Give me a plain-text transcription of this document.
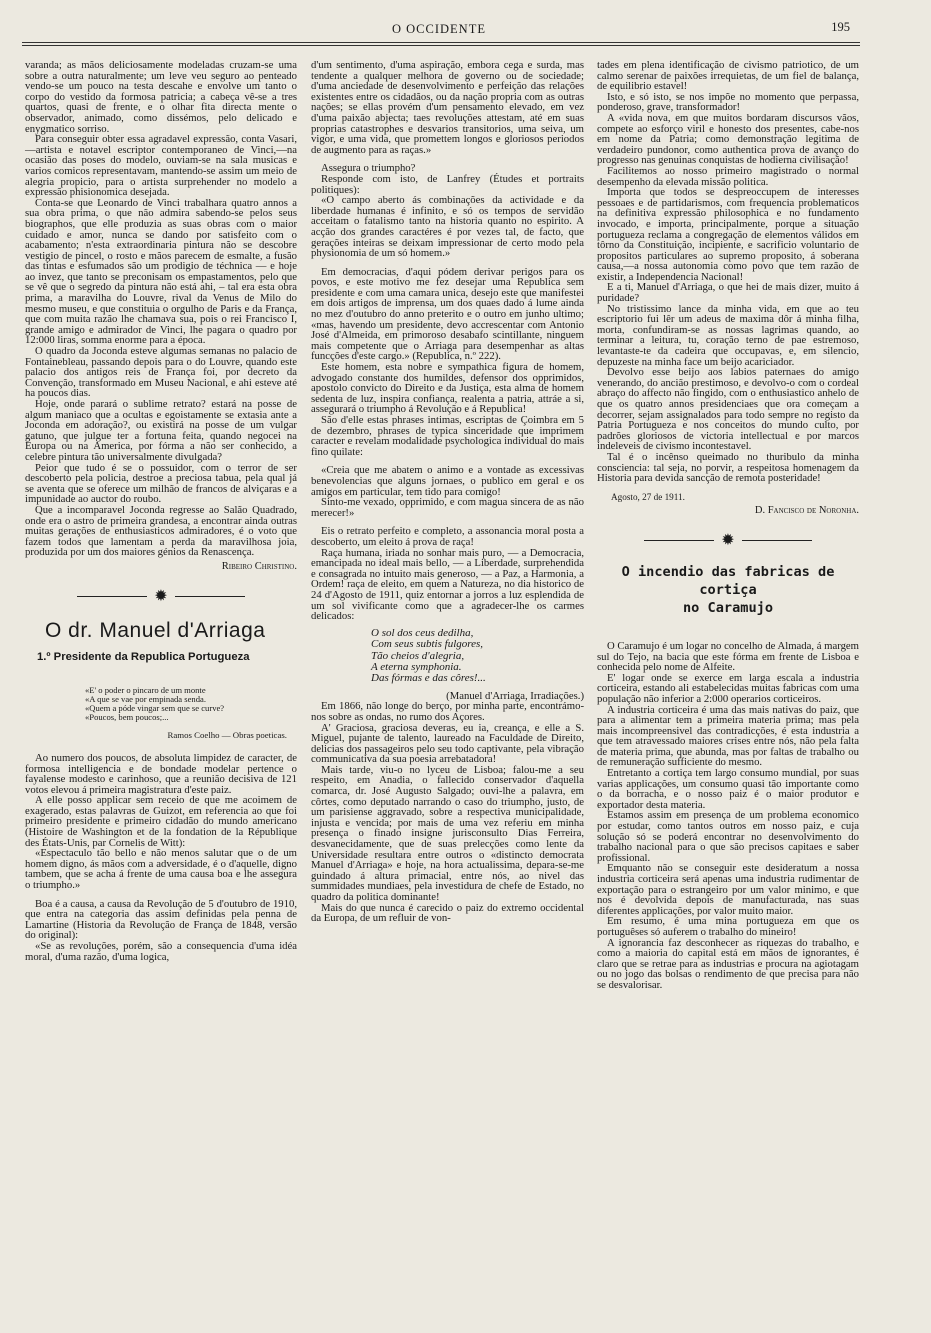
O OCCIDENTE	195

varanda; as mãos deliciosamente modeladas cruzam-se uma sobre a outra naturalmente; um leve veu seguro ao penteado vendo-se um pouco na testa descahe e envolve um tanto o corpo do vestido da formosa patricia; a cabeça vê-se a tres quartos, quasi de frente, e o olhar fita directa mente o observador, animado, como dissémos, pelo delicado e enygmatico sorriso.

Para conseguir obter essa agradavel expressão, conta Vasari,—artista e notavel escriptor contemporaneo de Vinci,—na ocasião das poses do modelo, ouviam-se na sala musicas e varios comicos representavam, mantendo-se assim um meio de alegria propicio, para o artista surprehender no modelo a expressão phisionomica desejada.

Conta-se que Leonardo de Vinci trabalhara quatro annos a sua obra prima, o que não admira sabendo-se pelos seus biographos, que elle produzia as suas obras com o maior cuidado e amor, nunca se dando por satisfeito com o acabamento; n'esta extraordinaria pintura não se descobre vestigio de pincel, o rosto e mãos parecem de esmalte, a fusão das tintas e esfumados são um prodigio de téchnica — e hoje ao invez, que tanto se preconisam os empastamentos, pelo que se vê que o segredo da pintura não está ahi, – tal era esta obra prima, a maravilha do Louvre, rival da Venus de Milo do mesmo museu, e que constituia o orgulho de Paris e da França, que com muita razão lhe chamava sua, pois o rei Francisco I, grande amigo e admirador de Vinci, lhe pagara o quadro por 12:000 liras, somma enorme para a época.

O quadro da Joconda esteve algumas semanas no palacio de Fontainebleau, passando depois para o do Louvre, quando este palacio dos antigos reis de França foi, por decreto da Convenção, transformado em Museu Nacional, e ahi esteve até ha poucos dias.

Hoje, onde parará o sublime retrato? estará na posse de algum maniaco que a ocultas e egoistamente se extasia ante a Joconda em adoração?, ou existirá na posse de um vulgar gatuno, que julgue ter a fortuna feita, quando negocei na Europa ou na America, por fórma a não ser conhecido, a celebre pintura tão universalmente divulgada?

Peior que tudo é se o possuidor, com o terror de ser descoberto pela policia, destroe a preciosa tabua, pela qual já se aventa que se oferece um milhão de francos de alviçaras e a impunidade ao auctor do roubo.

Que a incomparavel Joconda regresse ao Salão Quadrado, onde era o astro de primeira grandesa, a encontrar ainda outras muitas gerações de enthusiasticos admiradores, é o voto que fazem todos que lamentam a perda da maravilhosa joia, produzida por um dos maiores génios da Renascença.

Ribeiro Christino.

✹
O dr. Manuel d'Arriaga
1.º Presidente da Republica Portugueza
«E' o poder o pincaro de um monte
«A que se vae por empinada senda.
«Quem a póde vingar sem que se curve?
«Poucos, bem poucos;...
Ramos Coelho — Obras poeticas.

Ao numero dos poucos, de absoluta limpidez de caracter, de formosa intelligencia e de bondade modelar pertence o fayalense modesto e carinhoso, que a reunião decisiva de 121 votos elevou á primeira magistratura d'este paiz.

A elle posso applicar sem receio de que me acoimem de exagerado, estas palavras de Guizot, em referencia ao que foi primeiro presidente e primeiro cidadão do mundo americano (Histoire de Washington et de la fondation de la République des États-Unis, par Cornelis de Witt):

«Espectaculo tão bello e não menos salutar que o de um homem digno, ás mãos com a adversidade, é o d'aquelle, digno tambem, que se acha á frente de uma causa boa e lhe assegura o triumpho.»

Boa é a causa, a causa da Revolução de 5 d'outubro de 1910, que entra na categoria das assim definidas pela penna de Lamartine (Historia da Revolução de França de 1848, versão do original):

«Se as revoluções, porém, são a consequencia d'uma idéa moral, d'uma razão, d'uma logica,

d'um sentimento, d'uma aspiração, embora cega e surda, mas tendente a qualquer melhora de governo ou de sociedade; d'uma anciedade de desenvolvimento e perfeição das relações existentes entre os cidadãos, ou da nação propria com as outras nações; se ellas provém d'um pensamento elevado, em vez d'uma paixão abjecta; taes revoluções attestam, até em suas proprias catastrophes e desvarios transitorios, uma seiva, um vigor, e uma vida, que promettem longos e gloriosos periodos de augmento para as raças.»

Assegura o triumpho?

Responde com isto, de Lanfrey (Études et portraits politiques):

«O campo aberto ás combinações da actividade e da liberdade humanas é infinito, e só os tempos de servidão acceitam o fatalismo tanto na historia quanto no espirito. A acção dos grandes caractéres é por vezes tal, de facto, que gerações inteiras se deixam impressionar de certo modo pela physionomia de um só homem.»

Em democracias, d'aqui pódem derivar perigos para os povos, e este motivo me fez desejar uma Republica sem presidente e com uma camara unica, desejo este que manifestei em dois artigos de imprensa, um dos quaes dado á lume ainda no mez d'outubro do anno preterito e o outro em junho ultimo; «mas, havendo um presidente, devo accrescentar com Antonio José d'Almeida, em primoroso desabafo scintillante, ninguem mais competente que o Arriaga para desempenhar as altas funcções d'este cargo.» (Republica, n.º 222).

Este homem, esta nobre e sympathica figura de homem, advogado constante dos humildes, defensor dos opprimidos, apostolo convicto do Direito e da Justiça, esta alma de homem sedenta de luz, inspira confiança, realenta a patria, attráe a si, assegurará o triumpho á Revolução e á Republica!

São d'elle estas phrases intimas, escriptas de Çoimbra em 5 de dezembro, phrases de typica sinceridade que imprimem caracter e revelam modalidade psychologica individual do mais fino quilate:

«Creia que me abatem o animo e a vontade as excessivas benevolencias que alguns jornaes, o publico em geral e os amigos em particular, tem tido para comigo!

Sinto-me vexado, opprimido, e com magua sincera de as não merecer!»

Eis o retrato perfeito e completo, a assonancia moral posta a descoberto, um eleito á prova de raça!

Raça humana, iriada no sonhar mais puro, — a Democracia, emancipada no ideal mais bello, — a Liberdade, surprehendida e consagrada no intuito mais generoso, — a Paz, a Harmonia, a Ordem! raça de eleito, em quem a Natureza, no dia historico de 24 d'Agosto de 1911, quiz entornar a jorros a luz esplendida de um sol vivificante como que a agradecer-lhe os carmes delicados:

O sol dos ceus dedilha,
Com seus subtis fulgores,
Tão cheios d'alegria,
A eterna symphonia.
Das fórmas e das côres!...

(Manuel d'Arriaga, Irradiações.)

Em 1866, não longe do berço, por minha parte, encontrámo-nos sobre as ondas, no rumo dos Açores.

A' Graciosa, graciosa deveras, eu ia, creança, e elle a S. Miguel, pujante de talento, laureado na Faculdade de Direito, delicias dos passageiros pelo seu todo captivante, pela vibração communicativa da sua poesia arrebatadora!

Mais tarde, viu-o no lyceu de Lisboa; falou-me a seu respeito, em Anadia, o fallecido conservador d'aquella comarca, dr. José Augusto Salgado; ouvi-lhe a palavra, em côrtes, como deputado narrando o caso do triumpho, justo, de um parisiense aggravado, sobre a respectiva municipalidade, injusta e vencida; por mais de uma vez referiu em minha presença o finado insigne jurisconsulto Dias Ferreira, desvanecidamente, que de suas prelecções como lente da Universidade resultara entre outros o «distincto democrata Manuel d'Arriaga» e hoje, na hora actualissima, depara-se-me guindado á altura primacial, entre nós, ao nivel das summidades mundiaes, pela investidura de chefe de Estado, no quadro da politica dominante!

Mais do que nunca é carecido o paiz do extremo occidental da Europa, de um refluir de von-

tades em plena identificação de civismo patriotico, de um calmo serenar de paixões irrequietas, de um fiel de balança, de equilibrio estavel!

Isto, e só isto, se nos impõe no momento que perpassa, ponderoso, grave, transformador!

A «vida nova, em que muitos bordaram discursos vãos, compete ao esforço viril e honesto dos presentes, cabe-nos em nome da Patria; como demonstração legitima de verdadeiro pundonor, como authentica prova de avanço do progresso nas genuinas conquistas de hodierna civilisação!

Facilitemos ao nosso primeiro magistrado o normal desempenho da elevada missão politica.

Importa que todos se despreoccupem de interesses pessoaes e de partidarismos, com frequencia problematicos na definitiva expressão philosophica e no fundamento invocado, e importa, principalmente, porque a situação portugueza reclama a congregação de elementos válidos em tôrno da Constituição, incipiente, e sacrificio voluntario de propositos particulares ao supremo proposito, á soberana causa,—a nossa autonomia como povo que tem razão de existir, a Independencia Nacional!

E a ti, Manuel d'Arriaga, o que hei de mais dizer, muito á puridade?

No tristissimo lance da minha vida, em que ao teu escriptorio fui lêr um adeus de maxima dôr á minha filha, morta, confundiram-se as nossas lagrimas quando, ao terminar a leitura, tu, coração terno de pae estremoso, levantaste-te da cadeira que occupavas, e, em silencio, depuzeste na minha face um beijo acariciador.

Devolvo esse beijo aos labios paternaes do amigo venerando, do ancião prestimoso, e devolvo-o com o cordeal abraço do affecto não fingido, com o enthusiastico anhelo de que os quatro annos presidenciaes que ora começam a decorrer, sejam assignalados para todo sempre no registo da Patria Portugueza e nos conceitos do mundo culto, por padrões gloriosos de victoria intellectual e por marcos indeleveis de civismo incontestavel.

Tal é o incênso queimado no thuribulo da minha consciencia: tal seja, no porvir, a respeitosa homenagem da Historia para devida sancção de remota posteridade!

Agosto, 27 de 1911.

D. Fancisco de Noronha.

✹
O incendio das fabricas de cortiça
no Caramujo

O Caramujo é um logar no concelho de Almada, á margem sul do Tejo, na bacia que este fórma em frente de Lisboa e conhecida pelo nome de Alfeite.

E' logar onde se exerce em larga escala a industria corticeira, estando ali estabelecidas muitas fabricas com uma população não inferior a 2:000 operarios corticeiros.

A industria corticeira é uma das mais nativas do paiz, que para a alimentar tem a primeira materia prima; mas pela mais incompreensivel das contradicções, é esta industria a que tem atravessado maiores crises entre nós, não pela falta de materia prima, que abunda, mas por faltas de trabalho ou de remuneração sufficiente do mesmo.

Entretanto a cortiça tem largo consumo mundial, por suas varias applicações, um consumo quasi tão importante como o da borracha, e o nosso paiz é o maior produtor e exportador desta materia.

Estamos assim em presença de um problema economico por estudar, como tantos outros em nosso paiz, e cuja solução só se poderá encontrar no desenvolvimento do trabalho nacional para o que são precisos capitaes e saber profissional.

Emquanto não se conseguir este desideratum a nossa industria corticeira será apenas uma industria rudimentar de exportação para o estrangeiro por um valor minimo, e que nos é devolvida depois de manufacturada, nas suas diferentes applicações, por valor muito maior.

Em resumo, é uma mina portugueza em que os portuguêses só auferem o trabalho do mineiro!

A ignorancia faz desconhecer as riquezas do trabalho, e como a maioria do capital está em mãos de ignorantes, é claro que se retrae para as industrias e procura na agiotagam ou no jogo das bolsas o rendimento de que precisa para não se desvalorisar.
